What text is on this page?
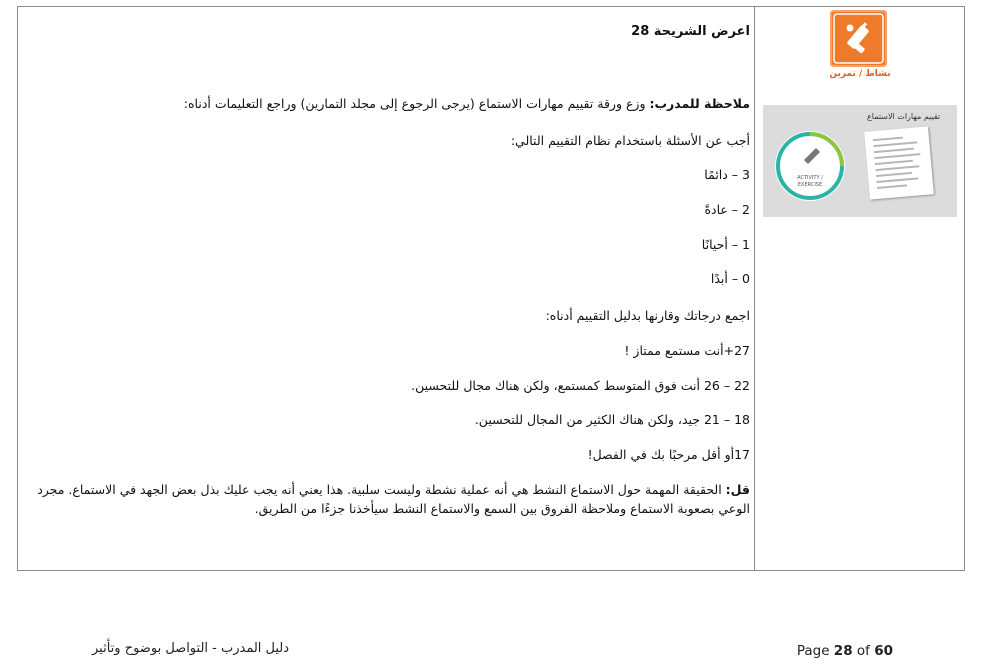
اعرض الشريحة 28

ملاحظة للمدرب: وزع ورقة تقييم مهارات الاستماع (يرجى الرجوع إلى مجلد التمارين) وراجع التعليمات أدناه:

أجب عن الأسئلة باستخدام نظام التقييم التالي:

3 – دائمًا

2 – عادةً

1 – أحيانًا

0 – أبدًا

اجمع درجاتك وقارنها بدليل التقييم أدناه:

27+أنت مستمع ممتاز !

22 – 26 أنت فوق المتوسط كمستمع، ولكن هناك مجال للتحسين.

18 – 21 جيد، ولكن هناك الكثير من المجال للتحسين.

17أو أقل مرحبًا بك في الفصل!

قل: الحقيقة المهمة حول الاستماع النشط هي أنه عملية نشطة وليست سلبية. هذا يعني أنه يجب عليك بذل بعض الجهد في الاستماع. مجرد الوعي بصعوبة الاستماع وملاحظة الفروق بين السمع والاستماع النشط سيأخذنا جزءًا من الطريق.

نشاط / تمرين
ACTIVITY /
EXERCISE
تقييم مهارات الاستماع
دليل المدرب - التواصل بوضوح وتأثير	Page 28 of 60
